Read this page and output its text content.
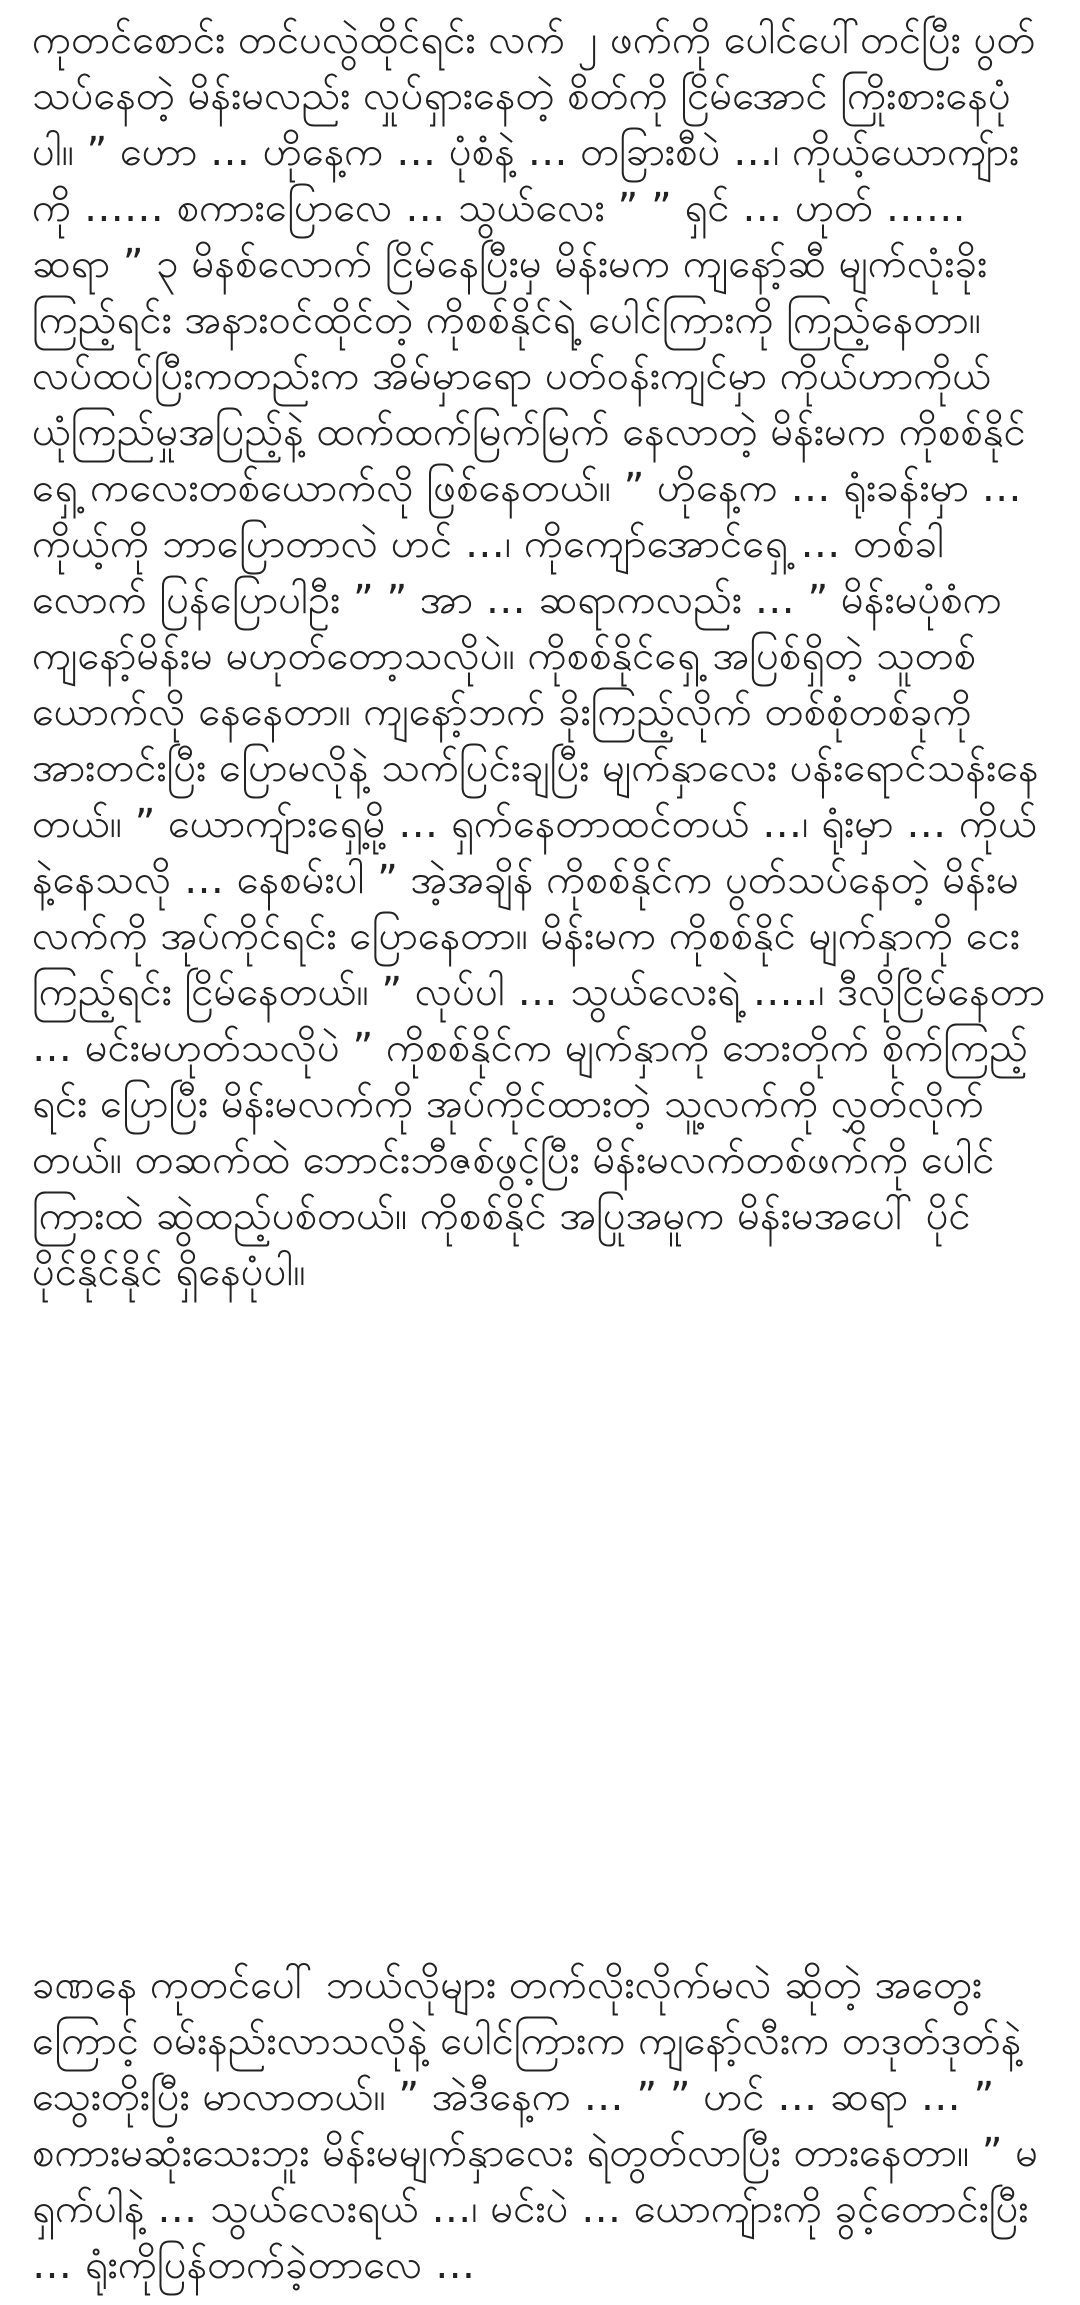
ကုတင်စောင်း တင်ပလွဲထိုင်ရင်း လက် ၂ ဖက်ကို ပေါင်ပေါ်တင်ပြီး ပွတ်သပ်နေတဲ့ မိန်းမလည်း လှုပ်ရှားနေတဲ့ စိတ်ကို ငြိမ်အောင် ကြိုးစားနေပုံပါ။ ” ဟော … ဟိုနေ့က … ပုံစံနဲ့ … တခြားစီပဲ …၊ ကိုယ့်ယောကျ်ားကို …… စကားပြောလေ … သွယ်လေး ” ” ရှင် … ဟုတ် …… ဆရာ ” ၃ မိနစ်လောက် ငြိမ်နေပြီးမှ မိန်းမက ကျနော့်ဆီ မျက်လုံးခိုးကြည့်ရင်း အနားဝင်ထိုင်တဲ့ ကိုစစ်နိုင်ရဲ့ ပေါင်ကြားကို ကြည့်နေတာ။ လပ်ထပ်ပြီးကတည်းက အိမ်မှာရော ပတ်ဝန်းကျင်မှာ ကိုယ်ဟာကိုယ် ယုံကြည်မှုအပြည့်နဲ့ ထက်ထက်မြက်မြက် နေလာတဲ့ မိန်းမက ကိုစစ်နိုင်ရှေ့ ကလေးတစ်ယောက်လို ဖြစ်နေတယ်။ ” ဟိုနေ့က … ရုံးခန်းမှာ … ကိုယ့်ကို ဘာပြောတာလဲ ဟင် …၊ ကိုကျော်အောင်ရှေ့ … တစ်ခါလောက် ပြန်ပြောပါဦး ” ” အာ … ဆရာကလည်း … ” မိန်းမပုံစံက ကျနော့်မိန်းမ မဟုတ်တော့သလိုပဲ။ ကိုစစ်နိုင်ရှေ့ အပြစ်ရှိတဲ့ သူတစ်ယောက်လို နေနေတာ။ ကျနော့်ဘက် ခိုးကြည့်လိုက် တစ်စုံတစ်ခုကို အားတင်းပြီး ပြောမလိုနဲ့ သက်ပြင်းချပြီး မျက်နှာလေး ပန်းရောင်သန်းနေတယ်။ ” ယောကျ်ားရှေ့မို့ … ရှက်နေတာထင်တယ် …၊ ရုံးမှာ … ကိုယ်နဲ့နေသလို … နေစမ်းပါ ” အဲ့အချိန် ကိုစစ်နိုင်က ပွတ်သပ်နေတဲ့ မိန်းမလက်ကို အုပ်ကိုင်ရင်း ပြောနေတာ။ မိန်းမက ကိုစစ်နိုင် မျက်နှာကို ငေးကြည့်ရင်း ငြိမ်နေတယ်။ ” လုပ်ပါ … သွယ်လေးရဲ့ …..၊ ဒီလိုငြိမ်နေတာ … မင်းမဟုတ်သလိုပဲ ” ကိုစစ်နိုင်က မျက်နှာကို ဘေးတိုက် စိုက်ကြည့်ရင်း ပြောပြီး မိန်းမလက်ကို အုပ်ကိုင်ထားတဲ့ သူ့လက်ကို လွှတ်လိုက်တယ်။ တဆက်ထဲ ဘောင်းဘီဇစ်ဖွင့်ပြီး မိန်းမလက်တစ်ဖက်ကို ပေါင်ကြားထဲ ဆွဲထည့်ပစ်တယ်။ ကိုစစ်နိုင် အပြုအမူက မိန်းမအပေါ် ပိုင်ပိုင်နိုင်နိုင် ရှိနေပုံပါ။

ခဏနေ ကုတင်ပေါ် ဘယ်လိုများ တက်လိုးလိုက်မလဲ ဆိုတဲ့ အတွေးကြောင့် ဝမ်းနည်းလာသလိုနဲ့ ပေါင်ကြားက ကျနော့်လီးက တဒုတ်ဒုတ်နဲ့ သွေးတိုးပြီး မာလာတယ်။ ” အဲဒီနေ့က … ” ” ဟင် … ဆရာ … ” စကားမဆုံးသေးဘူး မိန်းမမျက်နှာလေး ရဲတွတ်လာပြီး တားနေတာ။ ” မရှက်ပါနဲ့ … သွယ်လေးရယ် …၊ မင်းပဲ … ယောကျ်ားကို ခွင့်တောင်းပြီး … ရုံးကိုပြန်တက်ခဲ့တာလေ …
